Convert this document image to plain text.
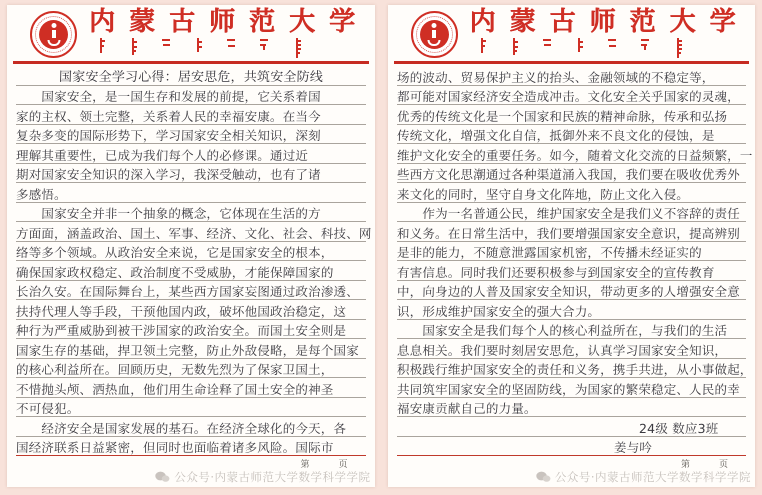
内蒙古师范大学
国家安全学习心得：居安思危，共筑安全防线
　　国家安全，是一国生存和发展的前提，它关系着国
家的主权、领土完整，关系着人民的幸福安康。在当今
复杂多变的国际形势下，学习国家安全相关知识，深刻
理解其重要性，已成为我们每个人的必修课。通过近
期对国家安全知识的深入学习，我深受触动，也有了诸
多感悟。
　　国家安全并非一个抽象的概念，它体现在生活的方
方面面，涵盖政治、国土、军事、经济、文化、社会、科技、网
络等多个领域。从政治安全来说，它是国家安全的根本，
确保国家政权稳定、政治制度不受威胁，才能保障国家的
长治久安。在国际舞台上，某些西方国家妄图通过政治渗透、
扶持代理人等手段，干预他国内政，破坏他国政治稳定，这
种行为严重威胁到被干涉国家的政治安全。而国土安全则是
国家生存的基础，捍卫领土完整，防止外敌侵略，是每个国家
的核心利益所在。回顾历史，无数先烈为了保家卫国土，
不惜抛头颅、洒热血，他们用生命诠释了国土安全的神圣
不可侵犯。
　　经济安全是国家发展的基石。在经济全球化的今天，各
国经济联系日益紧密，但同时也面临着诸多风险。国际市
第	页
公众号·内蒙古师范大学数学科学学院
内蒙古师范大学
场的波动、贸易保护主义的抬头、金融领域的不稳定等，
都可能对国家经济安全造成冲击。文化安全关乎国家的灵魂，
优秀的传统文化是一个国家和民族的精神命脉，传承和弘扬
传统文化，增强文化自信，抵御外来不良文化的侵蚀，是
维护文化安全的重要任务。如今，随着文化交流的日益频繁，一
些西方文化思潮通过各种渠道涌入我国，我们要在吸收优秀外
来文化的同时，坚守自身文化阵地，防止文化入侵。
　　作为一名普通公民，维护国家安全是我们义不容辞的责任
和义务。在日常生活中，我们要增强国家安全意识，提高辨别
是非的能力，不随意泄露国家机密，不传播未经证实的
有害信息。同时我们还要积极参与到国家安全的宣传教育
中，向身边的人普及国家安全知识，带动更多的人增强安全意
识，形成维护国家安全的强大合力。
　　国家安全是我们每个人的核心利益所在，与我们的生活
息息相关。我们要时刻居安思危，认真学习国家安全知识，
积极践行维护国家安全的责任和义务，携手共进，从小事做起，
共同筑牢国家安全的坚固防线，为国家的繁荣稳定、人民的幸
福安康贡献自己的力量。
24级 数应3班
姜与吟
第	页
公众号·内蒙古师范大学数学科学学院
